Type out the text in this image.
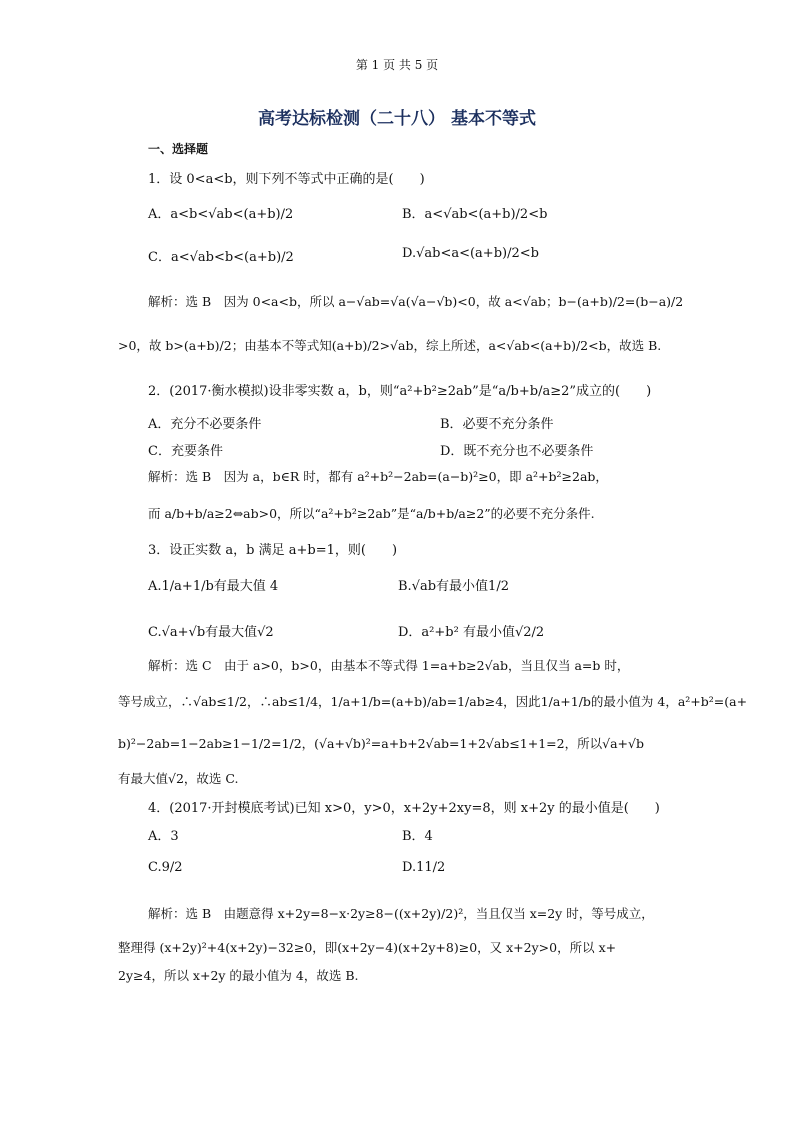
第 1 页 共 5 页
高考达标检测（二十八） 基本不等式
一、选择题
1．设 0<a<b，则下列不等式中正确的是(　　)
A．a<b<√ab<(a+b)/2	B．a<√ab<(a+b)/2<b
C．a<√ab<b<(a+b)/2	D.√ab<a<(a+b)/2<b
解析：选 B　因为 0<a<b，所以 a−√ab=√a(√a−√b)<0，故 a<√ab；b−(a+b)/2=(b−a)/2
>0，故 b>(a+b)/2；由基本不等式知(a+b)/2>√ab，综上所述，a<√ab<(a+b)/2<b，故选 B.
2．(2017·衡水模拟)设非零实数 a，b，则“a²+b²≥2ab”是“a/b+b/a≥2”成立的(　　)
A．充分不必要条件	B．必要不充分条件
C．充要条件	D．既不充分也不必要条件
解析：选 B　因为 a，b∈R 时，都有 a²+b²−2ab=(a−b)²≥0，即 a²+b²≥2ab，
而 a/b+b/a≥2⇔ab>0，所以“a²+b²≥2ab”是“a/b+b/a≥2”的必要不充分条件.
3．设正实数 a，b 满足 a+b=1，则(　　)
A.1/a+1/b有最大值 4	B.√ab有最小值1/2
C.√a+√b有最大值√2	D．a²+b² 有最小值√2/2
解析：选 C　由于 a>0，b>0，由基本不等式得 1=a+b≥2√ab，当且仅当 a=b 时，
等号成立，∴√ab≤1/2，∴ab≤1/4，1/a+1/b=(a+b)/ab=1/ab≥4，因此1/a+1/b的最小值为 4，a²+b²=(a+
b)²−2ab=1−2ab≥1−1/2=1/2，(√a+√b)²=a+b+2√ab=1+2√ab≤1+1=2，所以√a+√b
有最大值√2，故选 C.
4．(2017·开封模底考试)已知 x>0，y>0，x+2y+2xy=8，则 x+2y 的最小值是(　　)
A．3	B．4
C.9/2	D.11/2
解析：选 B　由题意得 x+2y=8−x·2y≥8−((x+2y)/2)²，当且仅当 x=2y 时，等号成立，
整理得 (x+2y)²+4(x+2y)−32≥0，即(x+2y−4)(x+2y+8)≥0，又 x+2y>0，所以 x+
2y≥4，所以 x+2y 的最小值为 4，故选 B.
